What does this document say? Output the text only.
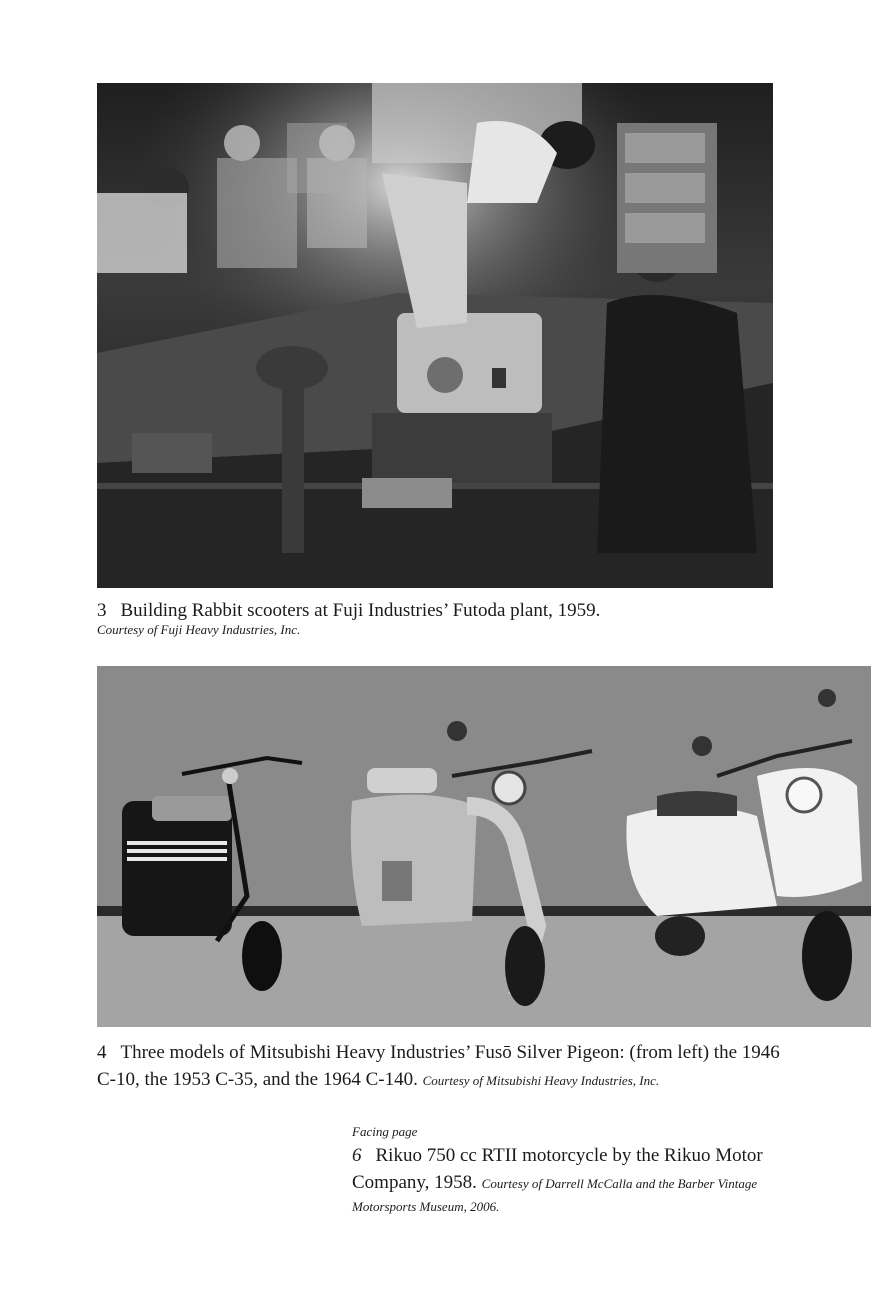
3 Building Rabbit scooters at Fuji Industries’ Futoda plant, 1959.
Courtesy of Fuji Heavy Industries, Inc.
4 Three models of Mitsubishi Heavy Industries’ Fusō Silver Pigeon: (from left) the 1946
C-10, the 1953 C-35, and the 1964 C-140. Courtesy of Mitsubishi Heavy Industries, Inc.
Facing page
6 Rikuo 750 cc RTII motorcycle by the Rikuo Motor
Company, 1958. Courtesy of Darrell McCalla and the Barber Vintage
Motorsports Museum, 2006.
